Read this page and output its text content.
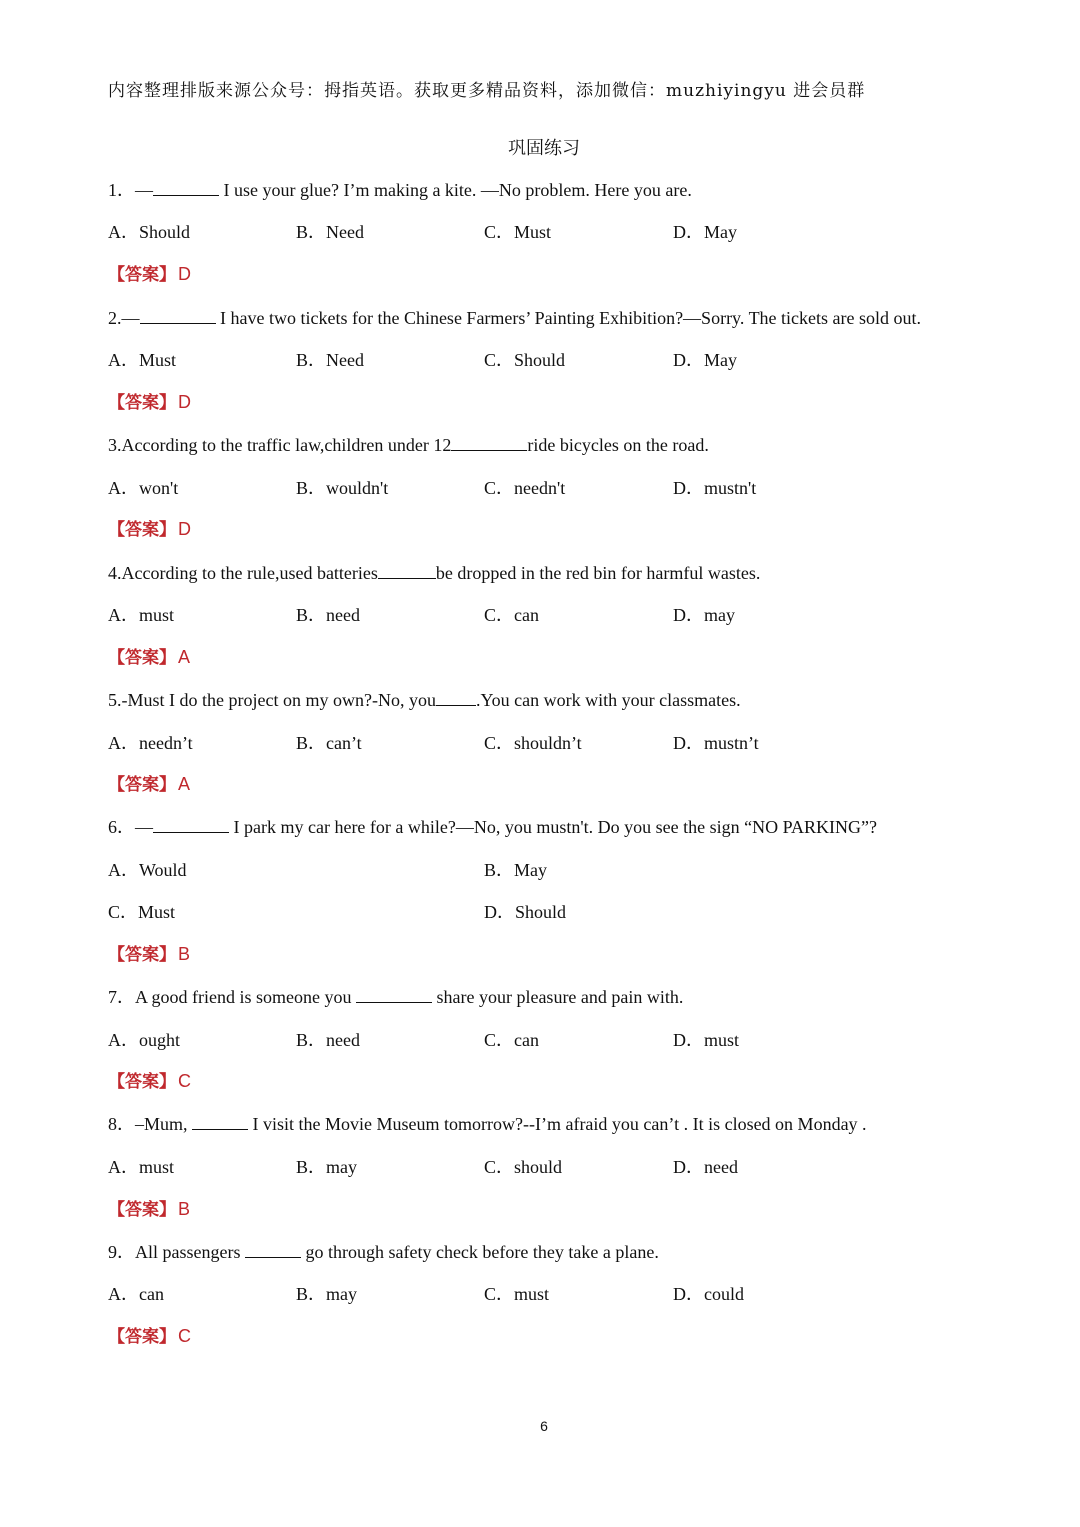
内容整理排版来源公众号：拇指英语。获取更多精品资料，添加微信：muzhiyingyu 进会员群
巩固练习
1．—	I use your glue? I’m making a kite. —No problem. Here you are.
A．Should	B．Need	C．Must	D．May
【答案】 D
2.—	I have two tickets for the Chinese Farmers’ Painting Exhibition?—Sorry. The tickets are sold out.
A．Must	B．Need	C．Should	D．May
【答案】 D
3.According to the traffic law,children under 12	ride bicycles on the road.
A．won't	B．wouldn't	C．needn't	D．mustn't
【答案】 D
4.According to the rule,used batteries	be dropped in the red bin for harmful wastes.
A．must	B．need	C．can	D．may
【答案】 A
5.-Must I do the project on my own?-No, you .You can work with your classmates.
A．needn’t	B．can’t	C．shouldn’t	D．mustn’t
【答案】 A
6．—	I park my car here for a while?—No, you mustn't. Do you see the sign “NO PARKING”?
A．Would	B．May
C．Must	D．Should
【答案】 B
7．A good friend is someone you	share your pleasure and pain with.
A．ought	B．need	C．can	D．must
【答案】 C
8．–Mum,	I visit the Movie Museum tomorrow?--I’m afraid you can’t . It is closed on Monday .
A．must	B．may	C．should	D．need
【答案】 B
9．All passengers	go through safety check before they take a plane.
A．can	B．may	C．must	D．could
【答案】 C
6
